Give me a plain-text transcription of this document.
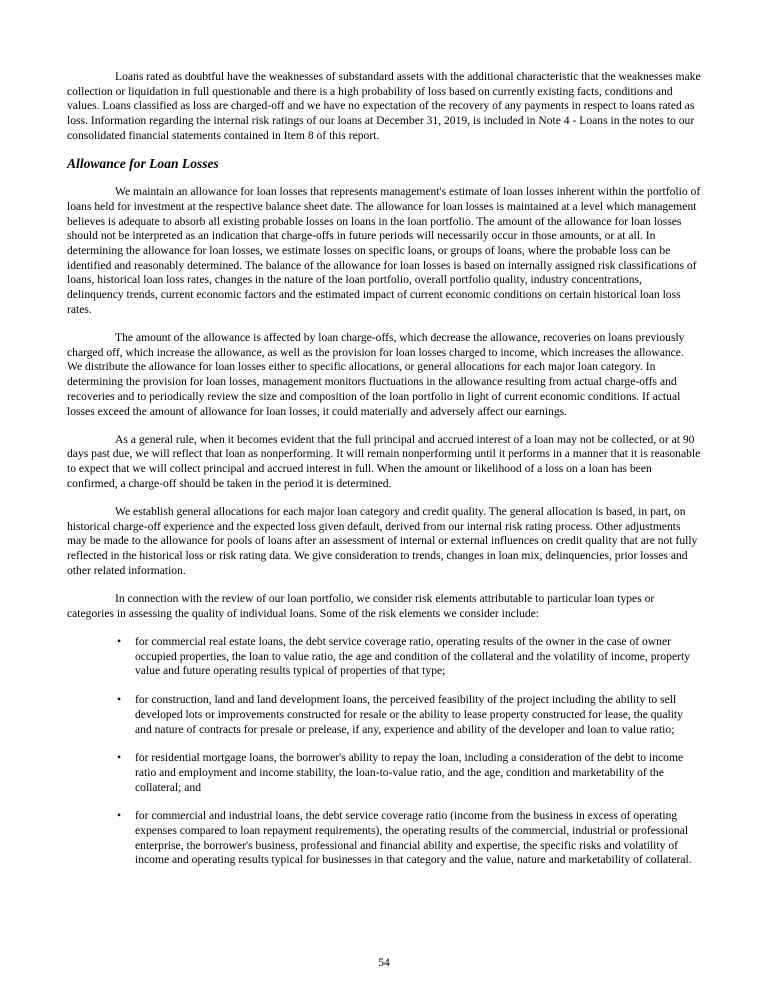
Loans rated as doubtful have the weaknesses of substandard assets with the additional characteristic that the weaknesses make collection or liquidation in full questionable and there is a high probability of loss based on currently existing facts, conditions and values. Loans classified as loss are charged-off and we have no expectation of the recovery of any payments in respect to loans rated as loss. Information regarding the internal risk ratings of our loans at December 31, 2019, is included in Note 4 - Loans in the notes to our consolidated financial statements contained in Item 8 of this report.

Allowance for Loan Losses

We maintain an allowance for loan losses that represents management's estimate of loan losses inherent within the portfolio of loans held for investment at the respective balance sheet date. The allowance for loan losses is maintained at a level which management believes is adequate to absorb all existing probable losses on loans in the loan portfolio. The amount of the allowance for loan losses should not be interpreted as an indication that charge-offs in future periods will necessarily occur in those amounts, or at all. In determining the allowance for loan losses, we estimate losses on specific loans, or groups of loans, where the probable loss can be identified and reasonably determined. The balance of the allowance for loan losses is based on internally assigned risk classifications of loans, historical loan loss rates, changes in the nature of the loan portfolio, overall portfolio quality, industry concentrations, delinquency trends, current economic factors and the estimated impact of current economic conditions on certain historical loan loss rates.

The amount of the allowance is affected by loan charge-offs, which decrease the allowance, recoveries on loans previously charged off, which increase the allowance, as well as the provision for loan losses charged to income, which increases the allowance. We distribute the allowance for loan losses either to specific allocations, or general allocations for each major loan category. In determining the provision for loan losses, management monitors fluctuations in the allowance resulting from actual charge-offs and recoveries and to periodically review the size and composition of the loan portfolio in light of current economic conditions. If actual losses exceed the amount of allowance for loan losses, it could materially and adversely affect our earnings.

As a general rule, when it becomes evident that the full principal and accrued interest of a loan may not be collected, or at 90 days past due, we will reflect that loan as nonperforming. It will remain nonperforming until it performs in a manner that it is reasonable to expect that we will collect principal and accrued interest in full. When the amount or likelihood of a loss on a loan has been confirmed, a charge-off should be taken in the period it is determined.

We establish general allocations for each major loan category and credit quality. The general allocation is based, in part, on historical charge-off experience and the expected loss given default, derived from our internal risk rating process. Other adjustments may be made to the allowance for pools of loans after an assessment of internal or external influences on credit quality that are not fully reflected in the historical loss or risk rating data. We give consideration to trends, changes in loan mix, delinquencies, prior losses and other related information.

In connection with the review of our loan portfolio, we consider risk elements attributable to particular loan types or categories in assessing the quality of individual loans. Some of the risk elements we consider include:

• for commercial real estate loans, the debt service coverage ratio, operating results of the owner in the case of owner occupied properties, the loan to value ratio, the age and condition of the collateral and the volatility of income, property value and future operating results typical of properties of that type;
• for construction, land and land development loans, the perceived feasibility of the project including the ability to sell developed lots or improvements constructed for resale or the ability to lease property constructed for lease, the quality and nature of contracts for presale or prelease, if any, experience and ability of the developer and loan to value ratio;
• for residential mortgage loans, the borrower's ability to repay the loan, including a consideration of the debt to income ratio and employment and income stability, the loan-to-value ratio, and the age, condition and marketability of the collateral; and
• for commercial and industrial loans, the debt service coverage ratio (income from the business in excess of operating expenses compared to loan repayment requirements), the operating results of the commercial, industrial or professional enterprise, the borrower's business, professional and financial ability and expertise, the specific risks and volatility of income and operating results typical for businesses in that category and the value, nature and marketability of collateral.
54
